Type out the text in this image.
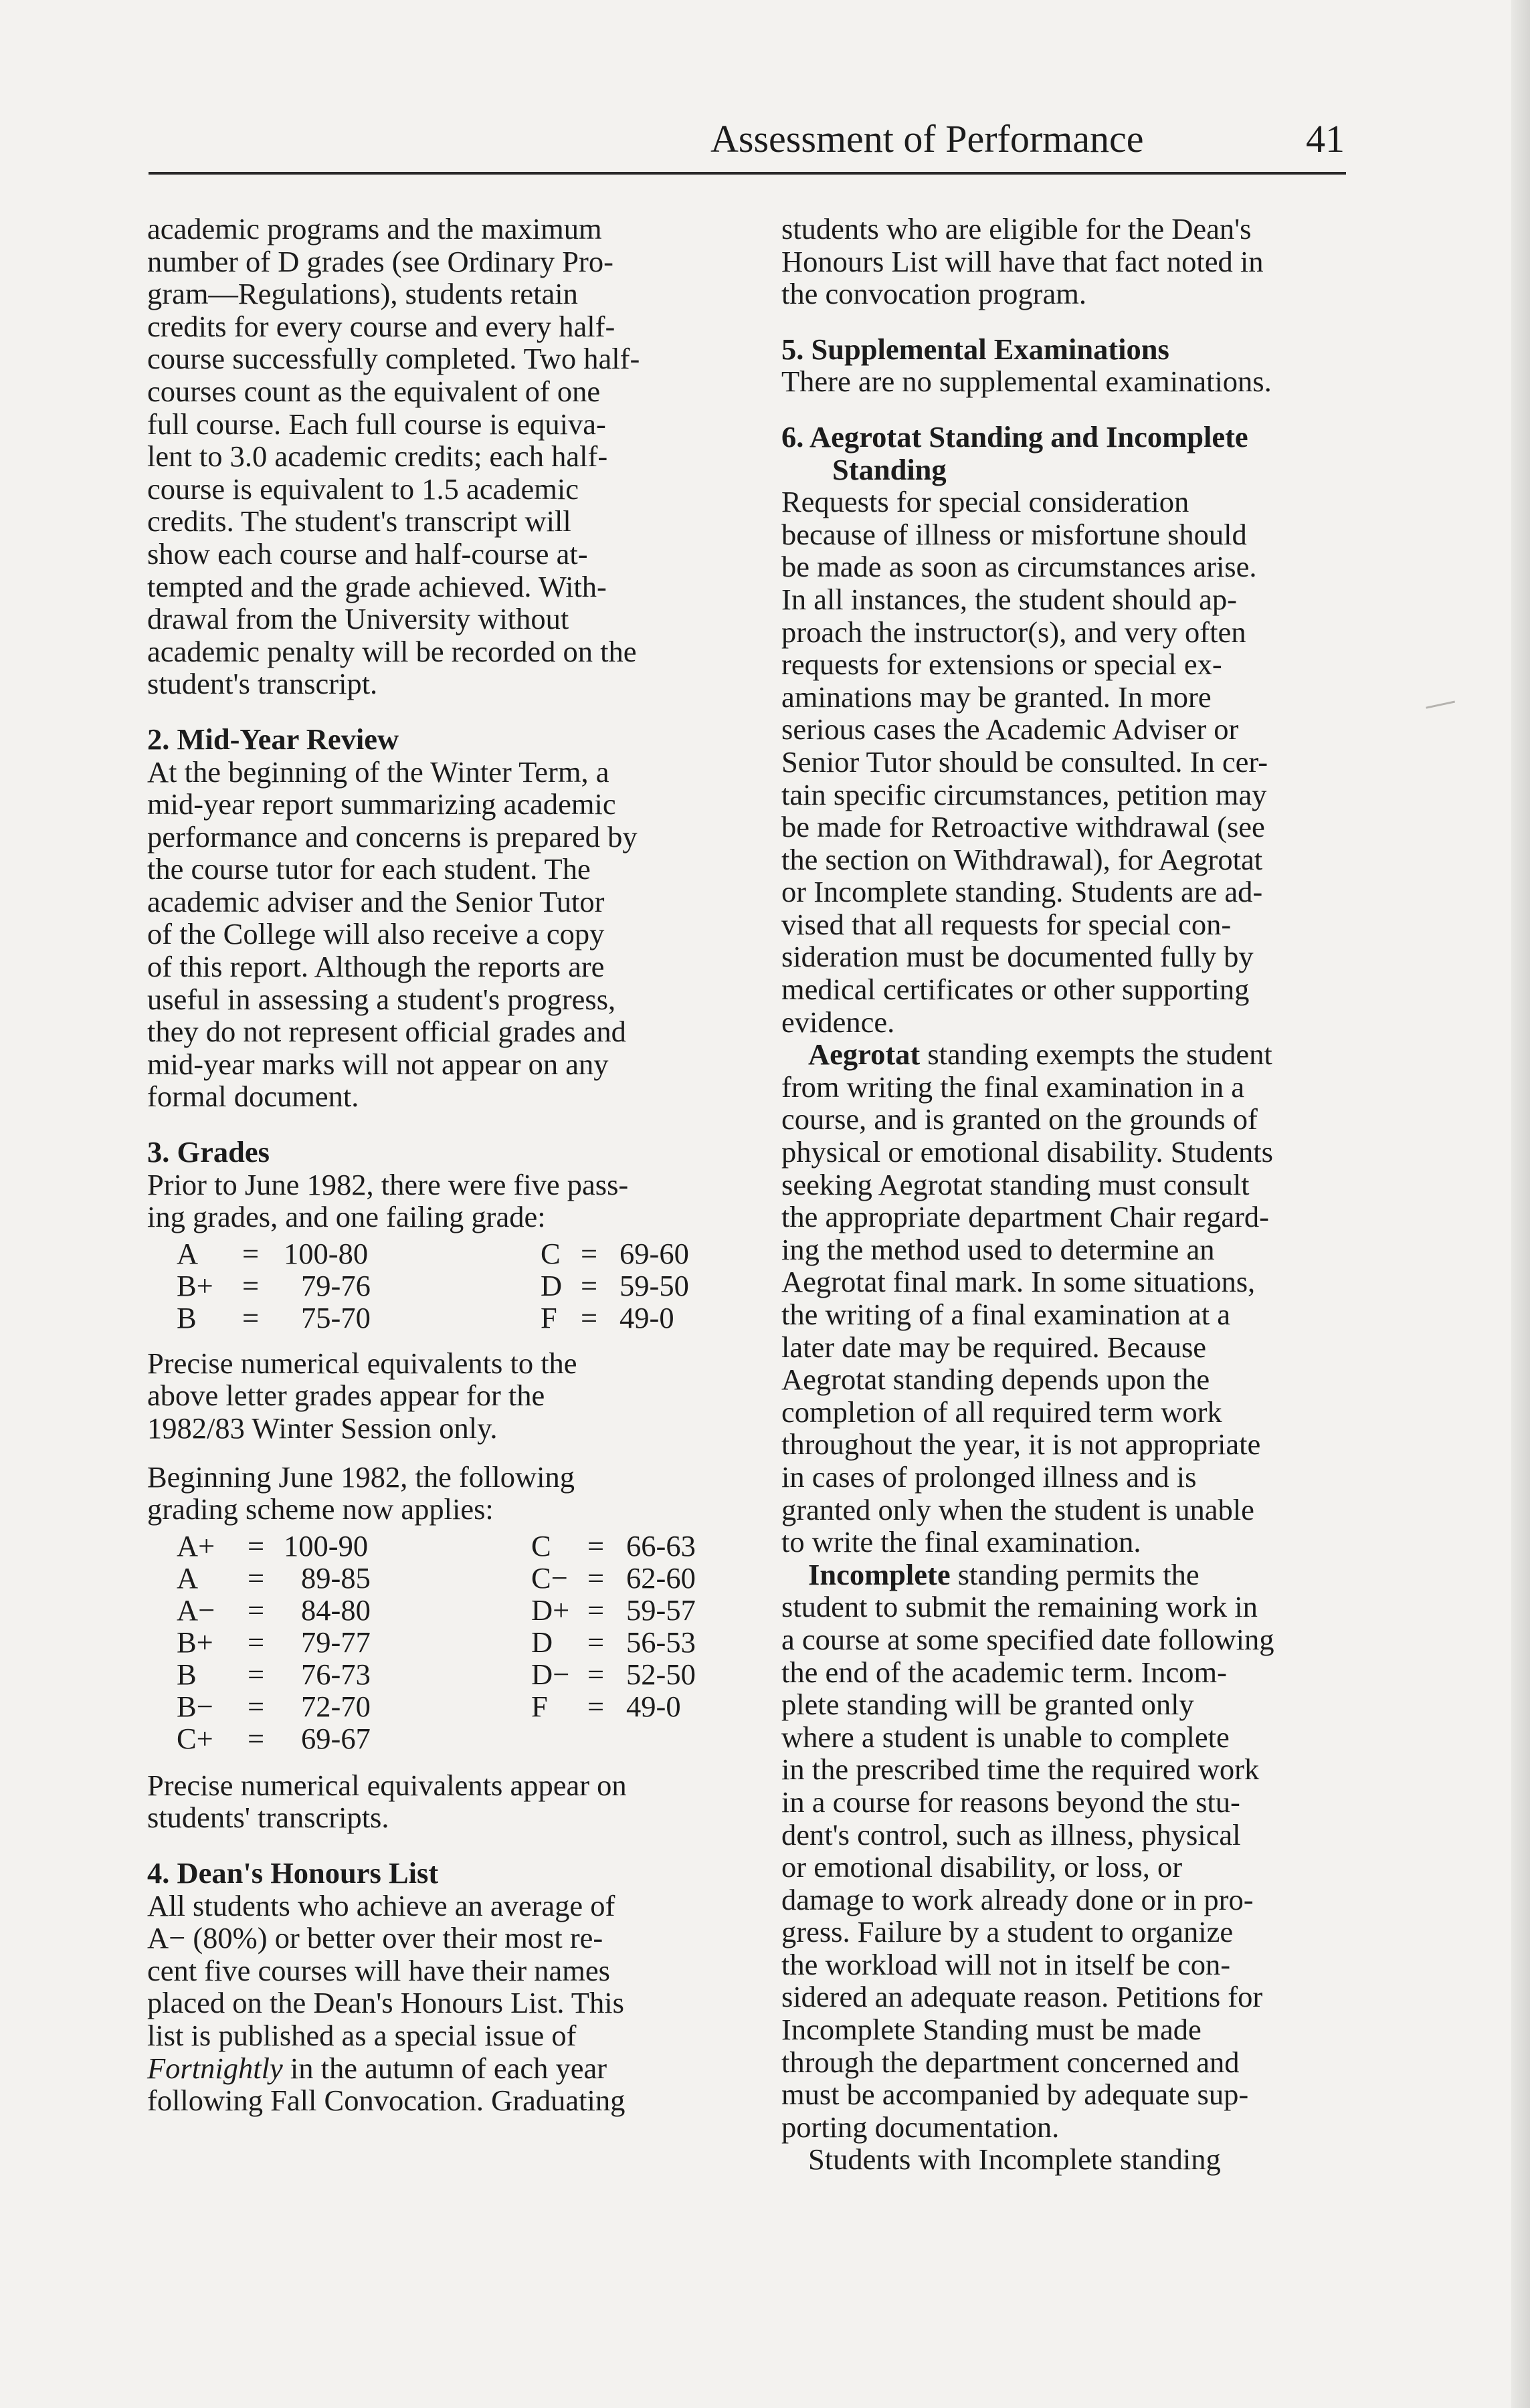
Assessment of Performance	41
academic programs and the maximum
number of D grades (see Ordinary Pro-
gram—Regulations), students retain
credits for every course and every half-
course successfully completed. Two half-
courses count as the equivalent of one
full course. Each full course is equiva-
lent to 3.0 academic credits; each half-
course is equivalent to 1.5 academic
credits. The student's transcript will
show each course and half-course at-
tempted and the grade achieved. With-
drawal from the University without
academic penalty will be recorded on the
student's transcript.
2. Mid-Year Review
At the beginning of the Winter Term, a
mid-year report summarizing academic
performance and concerns is prepared by
the course tutor for each student. The
academic adviser and the Senior Tutor
of the College will also receive a copy
of this report. Although the reports are
useful in assessing a student's progress,
they do not represent official grades and
mid-year marks will not appear on any
formal document.
3. Grades
Prior to June 1982, there were five pass-
ing grades, and one failing grade:
A = 100-80
B+ = 79-76
B = 75-70
C = 69-60
D = 59-50
F = 49-0
Precise numerical equivalents to the
above letter grades appear for the
1982/83 Winter Session only.
Beginning June 1982, the following
grading scheme now applies:
A+ = 100-90
A = 89-85
A− = 84-80
B+ = 79-77
B = 76-73
B− = 72-70
C+ = 69-67
C = 66-63
C− = 62-60
D+ = 59-57
D = 56-53
D− = 52-50
F = 49-0
Precise numerical equivalents appear on
students' transcripts.
4. Dean's Honours List
All students who achieve an average of
A− (80%) or better over their most re-
cent five courses will have their names
placed on the Dean's Honours List. This
list is published as a special issue of
Fortnightly in the autumn of each year
following Fall Convocation. Graduating
students who are eligible for the Dean's
Honours List will have that fact noted in
the convocation program.
5. Supplemental Examinations
There are no supplemental examinations.
6. Aegrotat Standing and Incomplete
Standing
Requests for special consideration
because of illness or misfortune should
be made as soon as circumstances arise.
In all instances, the student should ap-
proach the instructor(s), and very often
requests for extensions or special ex-
aminations may be granted. In more
serious cases the Academic Adviser or
Senior Tutor should be consulted. In cer-
tain specific circumstances, petition may
be made for Retroactive withdrawal (see
the section on Withdrawal), for Aegrotat
or Incomplete standing. Students are ad-
vised that all requests for special con-
sideration must be documented fully by
medical certificates or other supporting
evidence.
Aegrotat standing exempts the student
from writing the final examination in a
course, and is granted on the grounds of
physical or emotional disability. Students
seeking Aegrotat standing must consult
the appropriate department Chair regard-
ing the method used to determine an
Aegrotat final mark. In some situations,
the writing of a final examination at a
later date may be required. Because
Aegrotat standing depends upon the
completion of all required term work
throughout the year, it is not appropriate
in cases of prolonged illness and is
granted only when the student is unable
to write the final examination.
Incomplete standing permits the
student to submit the remaining work in
a course at some specified date following
the end of the academic term. Incom-
plete standing will be granted only
where a student is unable to complete
in the prescribed time the required work
in a course for reasons beyond the stu-
dent's control, such as illness, physical
or emotional disability, or loss, or
damage to work already done or in pro-
gress. Failure by a student to organize
the workload will not in itself be con-
sidered an adequate reason. Petitions for
Incomplete Standing must be made
through the department concerned and
must be accompanied by adequate sup-
porting documentation.
Students with Incomplete standing
